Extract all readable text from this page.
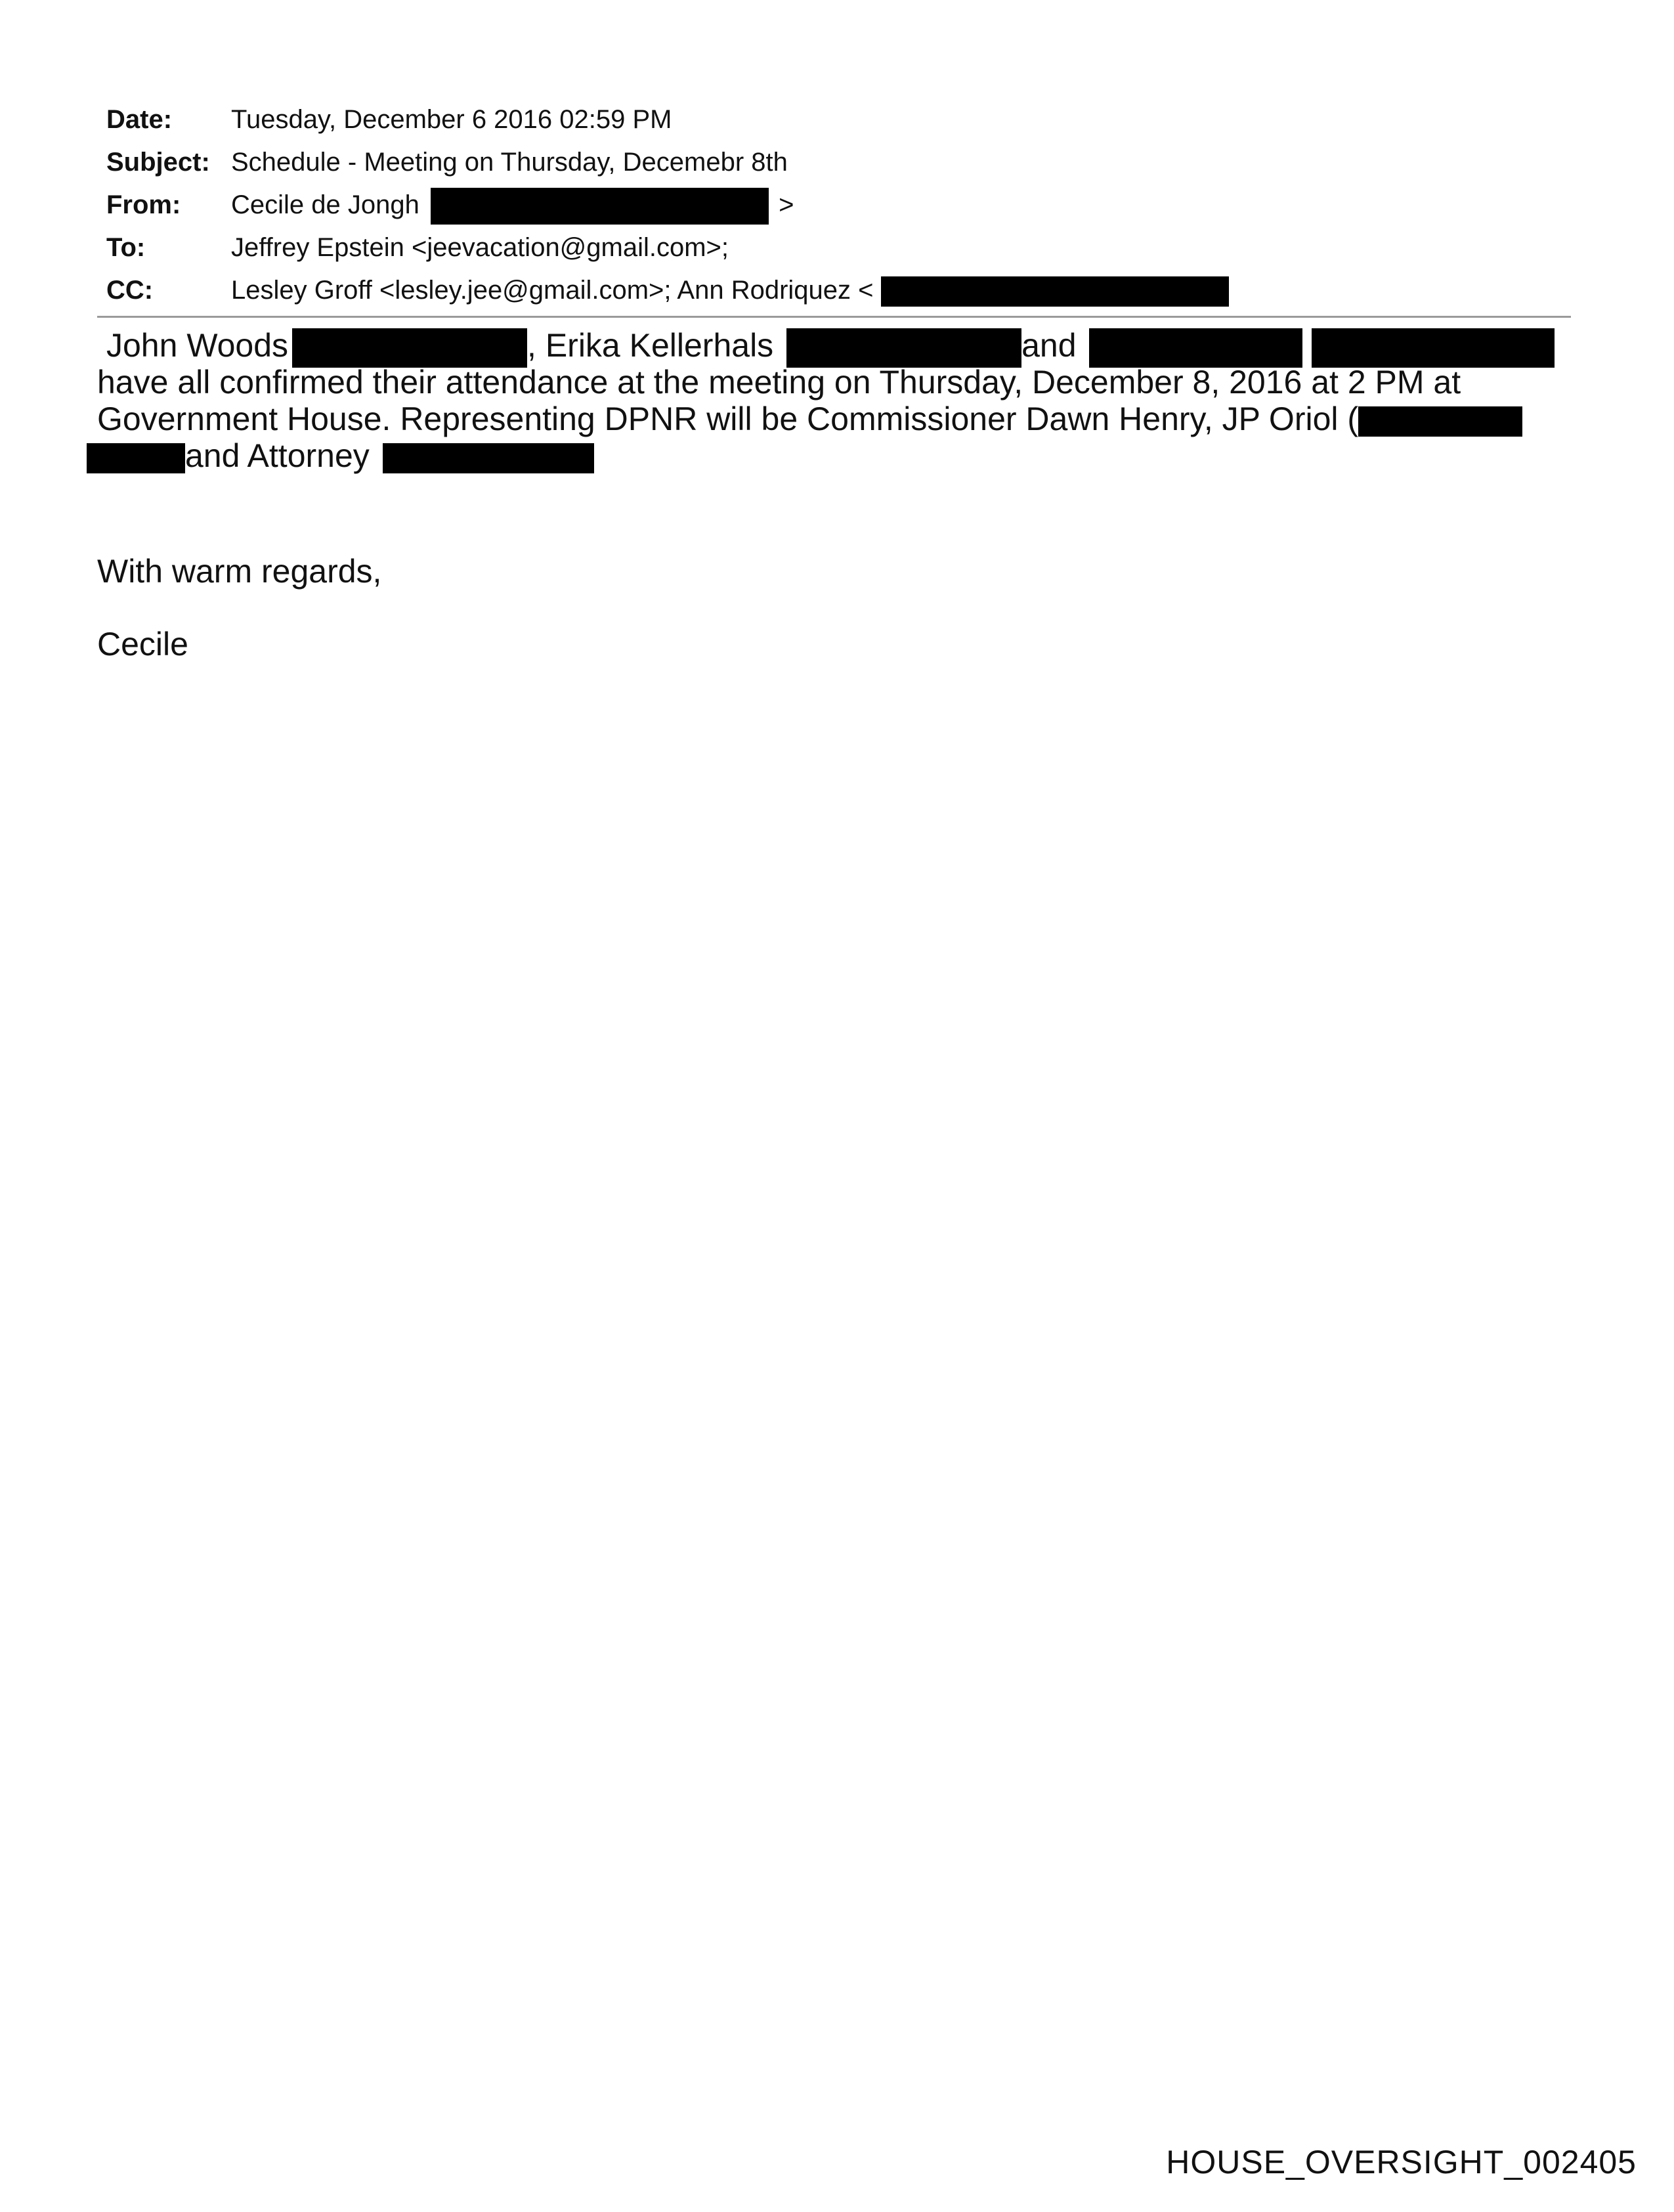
Date: Tuesday, December 6 2016 02:59 PM
Subject: Schedule - Meeting on Thursday, Decemebr 8th
From: Cecile de Jongh	>
To:	Jeffrey Epstein <jeevacation@gmail.com>;
CC:	Lesley Groff <lesley.jee@gmail.com>; Ann Rodriquez <
John Woods	, Erika Kellerhals	and
have all confirmed their attendance at the meeting on Thursday, December 8, 2016 at 2 PM at
Government House. Representing DPNR will be Commissioner Dawn Henry, JP Oriol (
and Attorney
With warm regards,
Cecile
HOUSE_OVERSIGHT_002405
